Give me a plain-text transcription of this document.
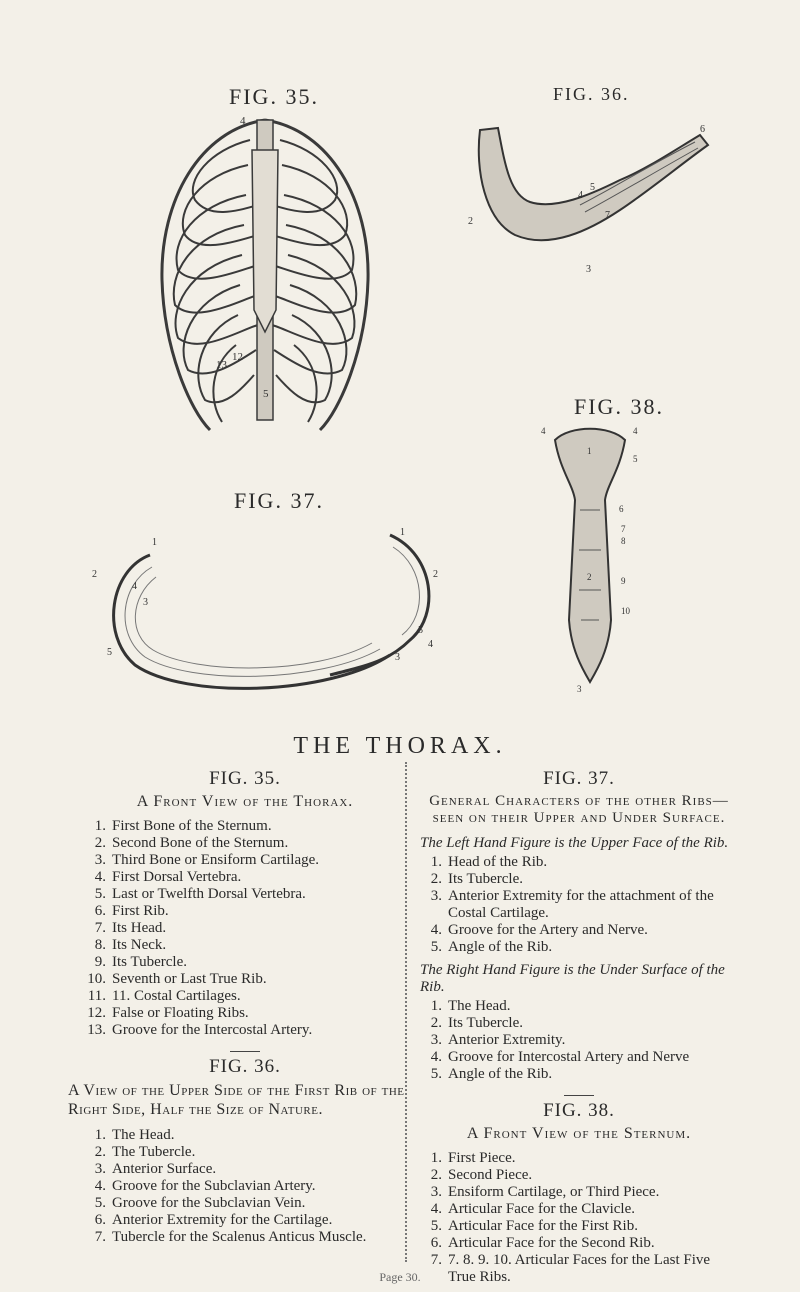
FIG. 35.	FIG. 36.
FIG. 38.
FIG. 37.
4
12
13
5
6
2
4
5
7
3
1
2
4
3
5
1
2
4
5
3
4	4
1
5
6
7
8
2	9
10
3
THE THORAX.
FIG. 35.
A Front View of the Thorax.
1. First Bone of the Sternum.
2. Second Bone of the Sternum.
3. Third Bone or Ensiform Cartilage.
4. First Dorsal Vertebra.
5. Last or Twelfth Dorsal Vertebra.
6. First Rib.
7. Its Head.
8. Its Neck.
9. Its Tubercle.
10. Seventh or Last True Rib.
11. 11. Costal Cartilages.
12. False or Floating Ribs.
13. Groove for the Intercostal Artery.
FIG. 36.
A View of the Upper Side of the First Rib of the Right Side, Half the Size of Nature.
1. The Head.
2. The Tubercle.
3. Anterior Surface.
4. Groove for the Subclavian Artery.
5. Groove for the Subclavian Vein.
6. Anterior Extremity for the Cartilage.
7. Tubercle for the Scalenus Anticus Muscle.
FIG. 37.
General Characters of the other Ribs—seen on their Upper and Under Surface.
The Left Hand Figure is the Upper Face of the Rib.
1. Head of the Rib.
2. Its Tubercle.
3. Anterior Extremity for the attachment of the Costal Cartilage.
4. Groove for the Artery and Nerve.
5. Angle of the Rib.
The Right Hand Figure is the Under Surface of the Rib.
1. The Head.
2. Its Tubercle.
3. Anterior Extremity.
4. Groove for Intercostal Artery and Nerve
5. Angle of the Rib.
FIG. 38.
A Front View of the Sternum.
1. First Piece.
2. Second Piece.
3. Ensiform Cartilage, or Third Piece.
4. Articular Face for the Clavicle.
5. Articular Face for the First Rib.
6. Articular Face for the Second Rib.
7. 7. 8. 9. 10. Articular Faces for the Last Five True Ribs.
Page 30.
